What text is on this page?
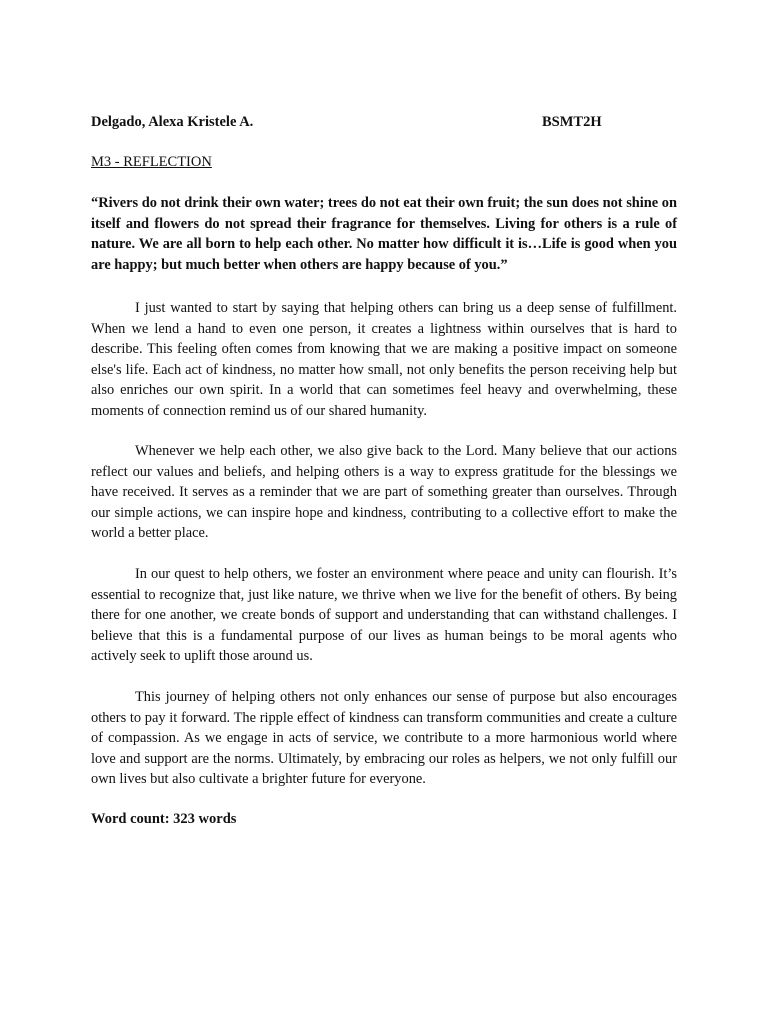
Delgado, Alexa Kristele A.	BSMT2H
M3 - REFLECTION

“Rivers do not drink their own water; trees do not eat their own fruit; the sun does not shine on itself and flowers do not spread their fragrance for themselves. Living for others is a rule of nature. We are all born to help each other. No matter how difficult it is…Life is good when you are happy; but much better when others are happy because of you.”

I just wanted to start by saying that helping others can bring us a deep sense of fulfillment. When we lend a hand to even one person, it creates a lightness within ourselves that is hard to describe. This feeling often comes from knowing that we are making a positive impact on someone else's life. Each act of kindness, no matter how small, not only benefits the person receiving help but also enriches our own spirit. In a world that can sometimes feel heavy and overwhelming, these moments of connection remind us of our shared humanity.

Whenever we help each other, we also give back to the Lord. Many believe that our actions reflect our values and beliefs, and helping others is a way to express gratitude for the blessings we have received. It serves as a reminder that we are part of something greater than ourselves. Through our simple actions, we can inspire hope and kindness, contributing to a collective effort to make the world a better place.

In our quest to help others, we foster an environment where peace and unity can flourish. It’s essential to recognize that, just like nature, we thrive when we live for the benefit of others. By being there for one another, we create bonds of support and understanding that can withstand challenges. I believe that this is a fundamental purpose of our lives as human beings to be moral agents who actively seek to uplift those around us.

This journey of helping others not only enhances our sense of purpose but also encourages others to pay it forward. The ripple effect of kindness can transform communities and create a culture of compassion. As we engage in acts of service, we contribute to a more harmonious world where love and support are the norms. Ultimately, by embracing our roles as helpers, we not only fulfill our own lives but also cultivate a brighter future for everyone.

Word count: 323 words
